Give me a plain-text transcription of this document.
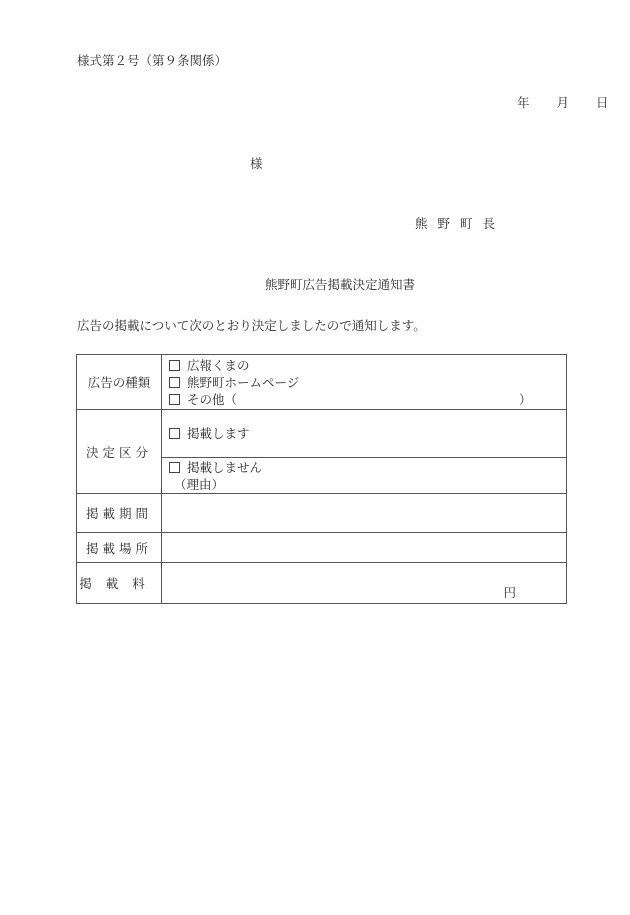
様式第２号（第９条関係）
年 月 日
様
熊野町長
熊野町広告掲載決定通知書
広告の掲載について次のとおり決定しましたので通知します。
広告の種類	広報くまの
熊野町ホームページ
その他（ ）

決定区分	掲載します

	掲載しません
（理由）

掲載期間	
掲載場所	
掲載料	円
